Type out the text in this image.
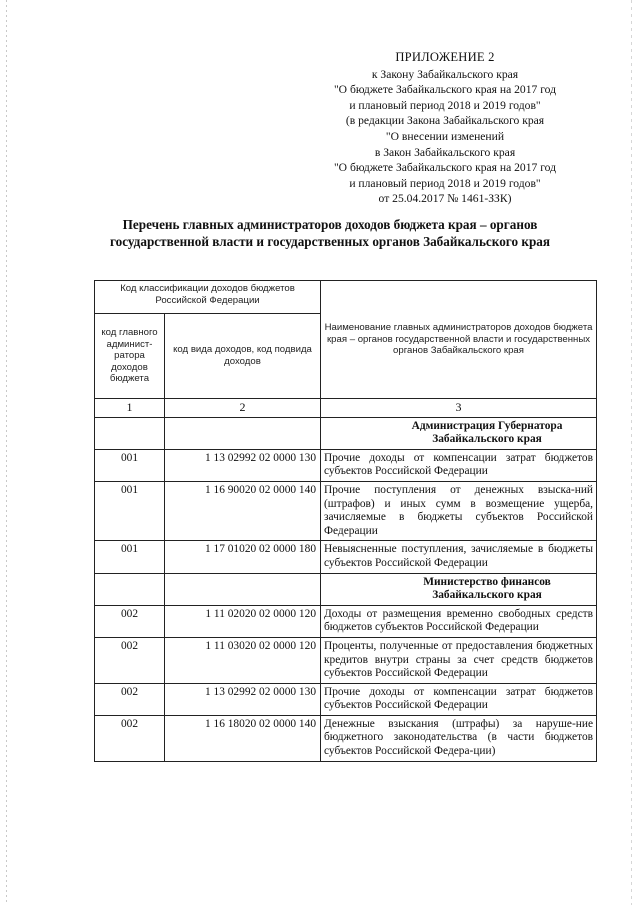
ПРИЛОЖЕНИЕ 2
к Закону Забайкальского края
"О бюджете Забайкальского края на 2017 год
и плановый период 2018 и 2019 годов"
(в редакции Закона Забайкальского края
"О внесении изменений
в Закон Забайкальского края
"О бюджете Забайкальского края на 2017 год
и плановый период 2018 и 2019 годов"
от 25.04.2017 № 1461-ЗЗК)
Перечень главных администраторов доходов бюджета края – органов
государственной власти и государственных органов Забайкальского края
Код классификации доходов бюджетов Российской Федерации		Наименование главных администраторов доходов бюджета края – органов государственной власти и государственных органов Забайкальского края
код главного админист-ратора доходов бюджета	код вида доходов, код подвида доходов	
1	2	3
		Администрация Губернатора Забайкальского края
001	1 13 02992 02 0000 130	Прочие доходы от компенсации затрат бюджетов субъектов Российской Федерации
001	1 16 90020 02 0000 140	Прочие поступления от денежных взыска-ний (штрафов) и иных сумм в возмещение ущерба, зачисляемые в бюджеты субъектов Российской Федерации
001	1 17 01020 02 0000 180	Невыясненные поступления, зачисляемые в бюджеты субъектов Российской Федерации
		Министерство финансов Забайкальского края
002	1 11 02020 02 0000 120	Доходы от размещения временно свободных средств бюджетов субъектов Российской Федерации
002	1 11 03020 02 0000 120	Проценты, полученные от предоставления бюджетных кредитов внутри страны за счет средств бюджетов субъектов Российской Федерации
002	1 13 02992 02 0000 130	Прочие доходы от компенсации затрат бюджетов субъектов Российской Федерации
002	1 16 18020 02 0000 140	Денежные взыскания (штрафы) за наруше-ние бюджетного законодательства (в части бюджетов субъектов Российской Федера-ции)
